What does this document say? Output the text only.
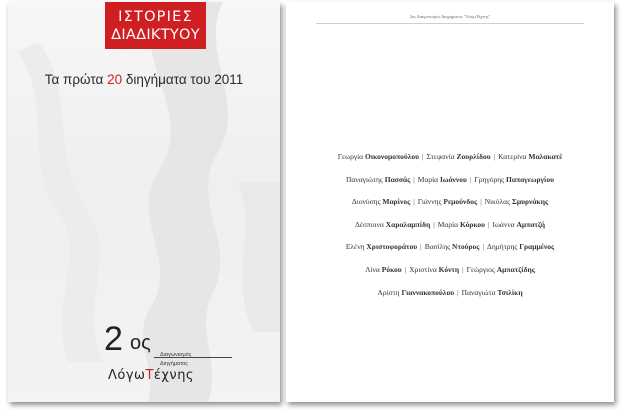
ΙΣΤΟΡΙΕΣ
ΔΙΑΔΙΚΤΥΟΥ
Τα πρώτα 20 διηγήματα του 2011
2 ος
Διαγωνισμός
Διηγήματος
ΛόγωΤέχνης
2ος Διαγωνισμός Διηγήματος "ΛόγωΤέχνης"
Γεωργία Οικονομοπούλου | Στεφανία Ζουρλίδου | Κατερίνα Μαλακατέ
Παναγιώτης Πασσάς | Μαρία Ιωάννου | Γρηγόρης Παπαγεωργίου
Διονύσης Μαρίνος | Γιάννης Ρεμούνδος | Νικόλας Σμυρνάκης
Δέσποινα Χαραλαμπίδη | Μαρία Κόρκου | Ιωάννα Αμπατζή
Ελένη Χριστοφοράτου | Βασίλης Ντούρος | Δημήτρης Γραμμένος
Λίνα Ρόκου | Χριστίνα Κόντη | Γεώργιος Αμπατζίδης
Αρίστη Γιαννακοπούλου | Παναγιώτα Τσιλίκη
